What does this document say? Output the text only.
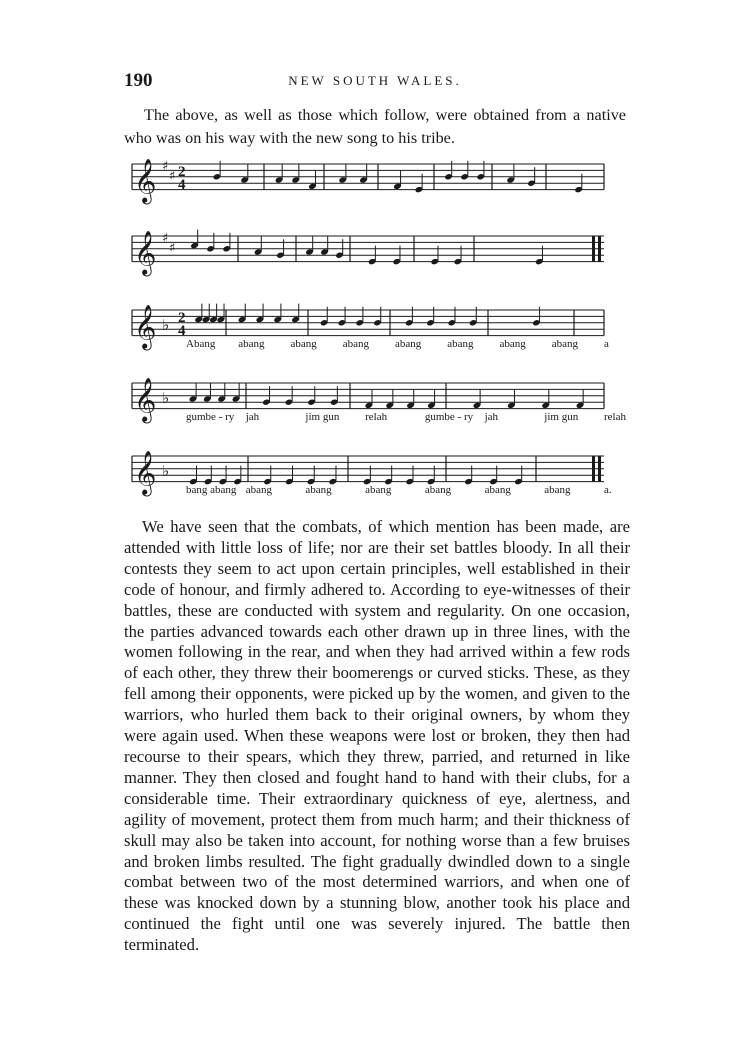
190	NEW SOUTH WALES.

The above, as well as those which follow, were obtained from a native who was on his way with the new song to his tribe.

𝄞 ♯
♯ 2
4
𝄞 ♯
♯
𝄞 ♭ 2
4
𝄞 ♭
𝄞 ♭
Abang abang abang abang abang abang abang abang a
gumbe - ry jah	jim gun relah	gumbe - ry jah	jim gun relah
bang abang abang	abang	abang	abang	abang	abang	a.

We have seen that the combats, of which mention has been made, are attended with little loss of life; nor are their set battles bloody. In all their contests they seem to act upon certain principles, well established in their code of honour, and firmly adhered to. According to eye-witnesses of their battles, these are conducted with system and regularity. On one occasion, the parties advanced towards each other drawn up in three lines, with the women following in the rear, and when they had arrived within a few rods of each other, they threw their boomerengs or curved sticks. These, as they fell among their opponents, were picked up by the women, and given to the warriors, who hurled them back to their original owners, by whom they were again used. When these weapons were lost or broken, they then had recourse to their spears, which they threw, parried, and returned in like manner. They then closed and fought hand to hand with their clubs, for a considerable time. Their extraordinary quickness of eye, alertness, and agility of movement, protect them from much harm; and their thickness of skull may also be taken into account, for nothing worse than a few bruises and broken limbs resulted. The fight gradually dwindled down to a single combat between two of the most determined warriors, and when one of these was knocked down by a stunning blow, another took his place and continued the fight until one was severely injured. The battle then terminated.
